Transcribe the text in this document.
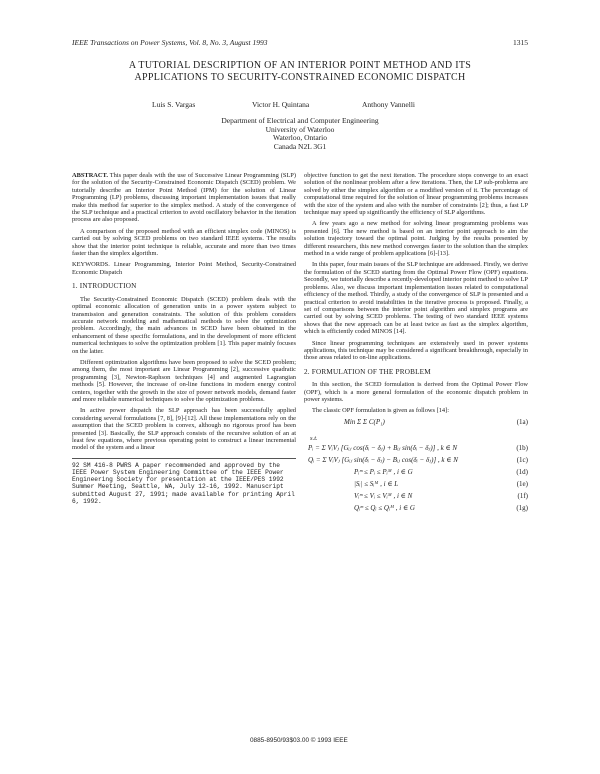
IEEE Transactions on Power Systems, Vol. 8, No. 3, August 1993	1315
A TUTORIAL DESCRIPTION OF AN INTERIOR POINT METHOD AND ITS
APPLICATIONS TO SECURITY-CONSTRAINED ECONOMIC DISPATCH
Luis S. Vargas	Victor H. Quintana	Anthony Vannelli
Department of Electrical and Computer Engineering
University of Waterloo
Waterloo, Ontario
Canada N2L 3G1

ABSTRACT. This paper deals with the use of Successive Linear Programming (SLP) for the solution of the Security-Constrained Economic Dispatch (SCED) problem. We tutorially describe an Interior Point Method (IPM) for the solution of Linear Programming (LP) problems, discussing important implementation issues that really make this method far superior to the simplex method. A study of the convergence of the SLP technique and a practical criterion to avoid oscillatory behavior in the iteration process are also proposed.

A comparison of the proposed method with an efficient simplex code (MINOS) is carried out by solving SCED problems on two standard IEEE systems. The results show that the interior point technique is reliable, accurate and more than two times faster than the simplex algorithm.

KEYWORDS. Linear Programming, Interior Point Method, Security-Constrained Economic Dispatch

1. INTRODUCTION

The Security-Constrained Economic Dispatch (SCED) problem deals with the optimal economic allocation of generation units in a power system subject to transmission and generation constraints. The solution of this problem considers accurate network modeling and mathematical methods to solve the optimization problem. Accordingly, the main advances in SCED have been obtained in the enhancement of these specific formulations, and in the development of more efficient numerical techniques to solve the optimization problem [1]. This paper mainly focuses on the latter.

Different optimization algorithms have been proposed to solve the SCED problem; among them, the most important are Linear Programming [2], successive quadratic programming [3], Newton-Raphson techniques [4] and augmented Lagrangian methods [5]. However, the increase of on-line functions in modern energy control centers, together with the growth in the size of power network models, demand faster and more reliable numerical techniques to solve the optimization problems.

In active power dispatch the SLP approach has been successfully applied considering several formulations [7, 8], [9]-[12]. All these implementations rely on the assumption that the SCED problem is convex, although no rigorous proof has been presented [3]. Basically, the SLP approach consists of the recursive solution of an at least few equations, where previous operating point to construct a linear incremental model of the system and a linear

92 SM 416-8 PWRS A paper recommended and approved by the IEEE Power System Engineering Committee of the IEEE Power Engineering Society for presentation at the IEEE/PES 1992 Summer Meeting, Seattle, WA, July 12-16, 1992. Manuscript submitted August 27, 1991; made available for printing April 6, 1992.

objective function to get the next iteration. The procedure stops converge to an exact solution of the nonlinear problem after a few iterations. Then, the LP sub-problems are solved by either the simplex algorithm or a modified version of it. The percentage of computational time required for the solution of linear programming problems increases with the size of the system and also with the number of constraints [2]; thus, a fast LP technique may speed up significantly the efficiency of SLP algorithms.

A few years ago a new method for solving linear programming problems was presented [6]. The new method is based on an interior point approach to aim the solution trajectory toward the optimal point. Judging by the results presented by different researchers, this new method converges faster to the solution than the simplex method in a wide range of problem applications [6]-[13].

In this paper, four main issues of the SLP technique are addressed. Firstly, we derive the formulation of the SCED starting from the Optimal Power Flow (OPF) equations. Secondly, we tutorially describe a recently-developed interior point method to solve LP problems. Also, we discuss important implementation issues related to computational efficiency of the method. Thirdly, a study of the convergence of SLP is presented and a practical criterion to avoid instabilities in the iterative process is proposed. Finally, a set of comparisons between the interior point algorithm and simplex programs are carried out by solving SCED problems. The testing of two standard IEEE systems shows that the new approach can be at least twice as fast as the simplex algorithm, which is efficiently coded MINOS [14].

Since linear programming techniques are extensively used in power systems applications, this technique may be considered a significant breakthrough, especially in those areas related to on-line applications.

2. FORMULATION OF THE PROBLEM

In this section, the SCED formulation is derived from the Optimal Power Flow (OPF), which is a more general formulation of the economic dispatch problem in power systems.

The classic OPF formulation is given as follows [14]:

Min Σ Σ C(P₁)	(1a)
s.t.
Pᵢ = Σ VᵢVⱼ [Gᵢⱼ cos(δᵢ − δⱼ) + Bᵢⱼ sin(δᵢ − δⱼ)] , k ∈ N	(1b)
Qᵢ = Σ VᵢVⱼ [Gᵢⱼ sin(δᵢ − δⱼ) − Bᵢⱼ cos(δᵢ − δⱼ)] , k ∈ N	(1c)
Pᵢᵐ ≤ Pᵢ ≤ Pᵢᴹ , i ∈ G	(1d)
|Sᵢ| ≤ Sᵢᴹ , i ∈ L	(1e)
Vᵢᵐ ≤ Vᵢ ≤ Vᵢᴹ , i ∈ N	(1f)
Qᵢᵐ ≤ Qᵢ ≤ Qᵢᴹ , i ∈ G	(1g)
0885-8950/93$03.00 © 1993 IEEE
